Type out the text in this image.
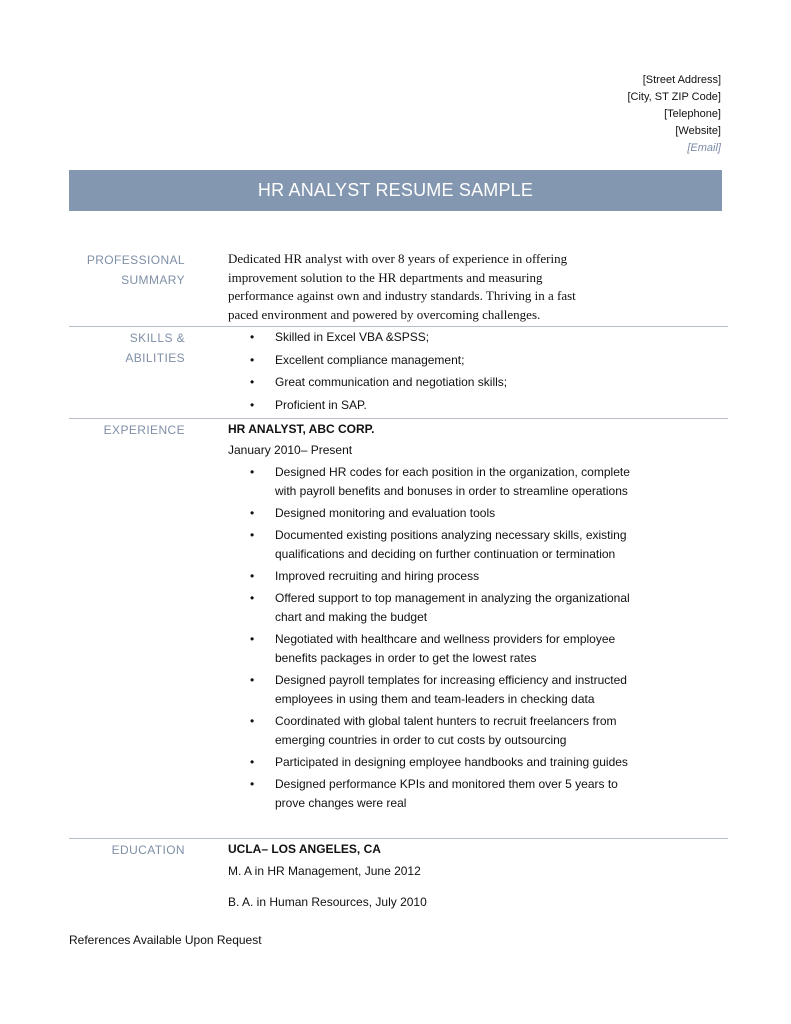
[Street Address]
[City, ST ZIP Code]
[Telephone]
[Website]
[Email]
HR ANALYST RESUME SAMPLE
PROFESSIONAL
SUMMARY
Dedicated HR analyst with over 8 years of experience in offering improvement solution to the HR departments and measuring performance against own and industry standards. Thriving in a fast paced environment and powered by overcoming challenges.
SKILLS & ABILITIES
• Skilled in Excel VBA &SPSS;
• Excellent compliance management;
• Great communication and negotiation skills;
• Proficient in SAP.
EXPERIENCE	HR ANALYST, ABC CORP.
January 2010– Present
• Designed HR codes for each position in the organization, complete with payroll benefits and bonuses in order to streamline operations
• Designed monitoring and evaluation tools
• Documented existing positions analyzing necessary skills, existing qualifications and deciding on further continuation or termination
• Improved recruiting and hiring process
• Offered support to top management in analyzing the organizational chart and making the budget
• Negotiated with healthcare and wellness providers for employee benefits packages in order to get the lowest rates
• Designed payroll templates for increasing efficiency and instructed employees in using them and team-leaders in checking data
• Coordinated with global talent hunters to recruit freelancers from emerging countries in order to cut costs by outsourcing
• Participated in designing employee handbooks and training guides
• Designed performance KPIs and monitored them over 5 years to prove changes were real
EDUCATION	UCLA– LOS ANGELES, CA
M. A in HR Management, June 2012
B. A. in Human Resources, July 2010
References Available Upon Request
